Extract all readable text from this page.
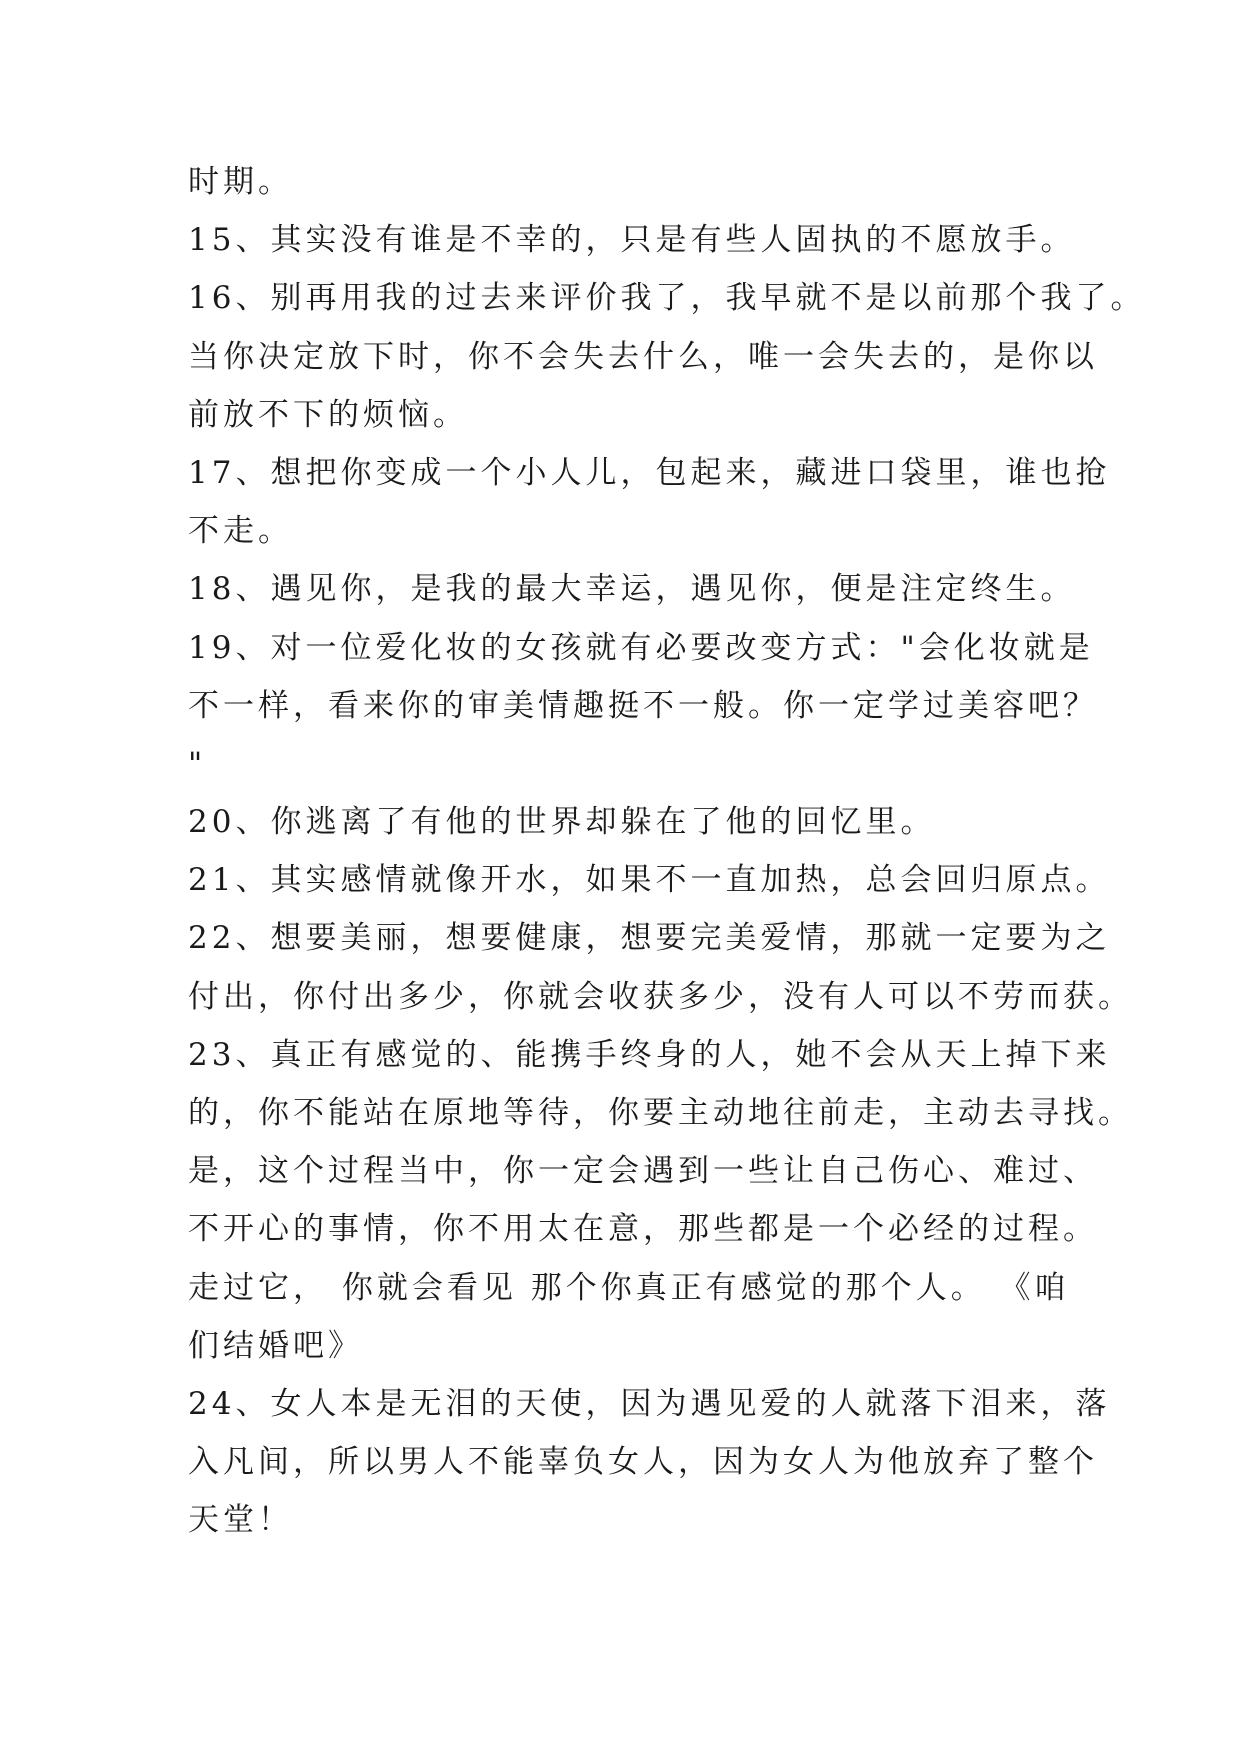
时期。
15、其实没有谁是不幸的，只是有些人固执的不愿放手。
16、别再用我的过去来评价我了，我早就不是以前那个我了。
当你决定放下时，你不会失去什么，唯一会失去的，是你以
前放不下的烦恼。
17、想把你变成一个小人儿，包起来，藏进口袋里，谁也抢
不走。
18、遇见你，是我的最大幸运，遇见你，便是注定终生。
19、对一位爱化妆的女孩就有必要改变方式："会化妆就是
不一样，看来你的审美情趣挺不一般。你一定学过美容吧？
"
20、你逃离了有他的世界却躲在了他的回忆里。
21、其实感情就像开水，如果不一直加热，总会回归原点。
22、想要美丽，想要健康，想要完美爱情，那就一定要为之
付出，你付出多少，你就会收获多少，没有人可以不劳而获。
23、真正有感觉的、能携手终身的人，她不会从天上掉下来
的，你不能站在原地等待，你要主动地往前走，主动去寻找。
是，这个过程当中，你一定会遇到一些让自己伤心、难过、
不开心的事情，你不用太在意，那些都是一个必经的过程。
走过它， 你就会看见 那个你真正有感觉的那个人。 《咱
们结婚吧》
24、女人本是无泪的天使，因为遇见爱的人就落下泪来，落
入凡间，所以男人不能辜负女人，因为女人为他放弃了整个
天堂！
